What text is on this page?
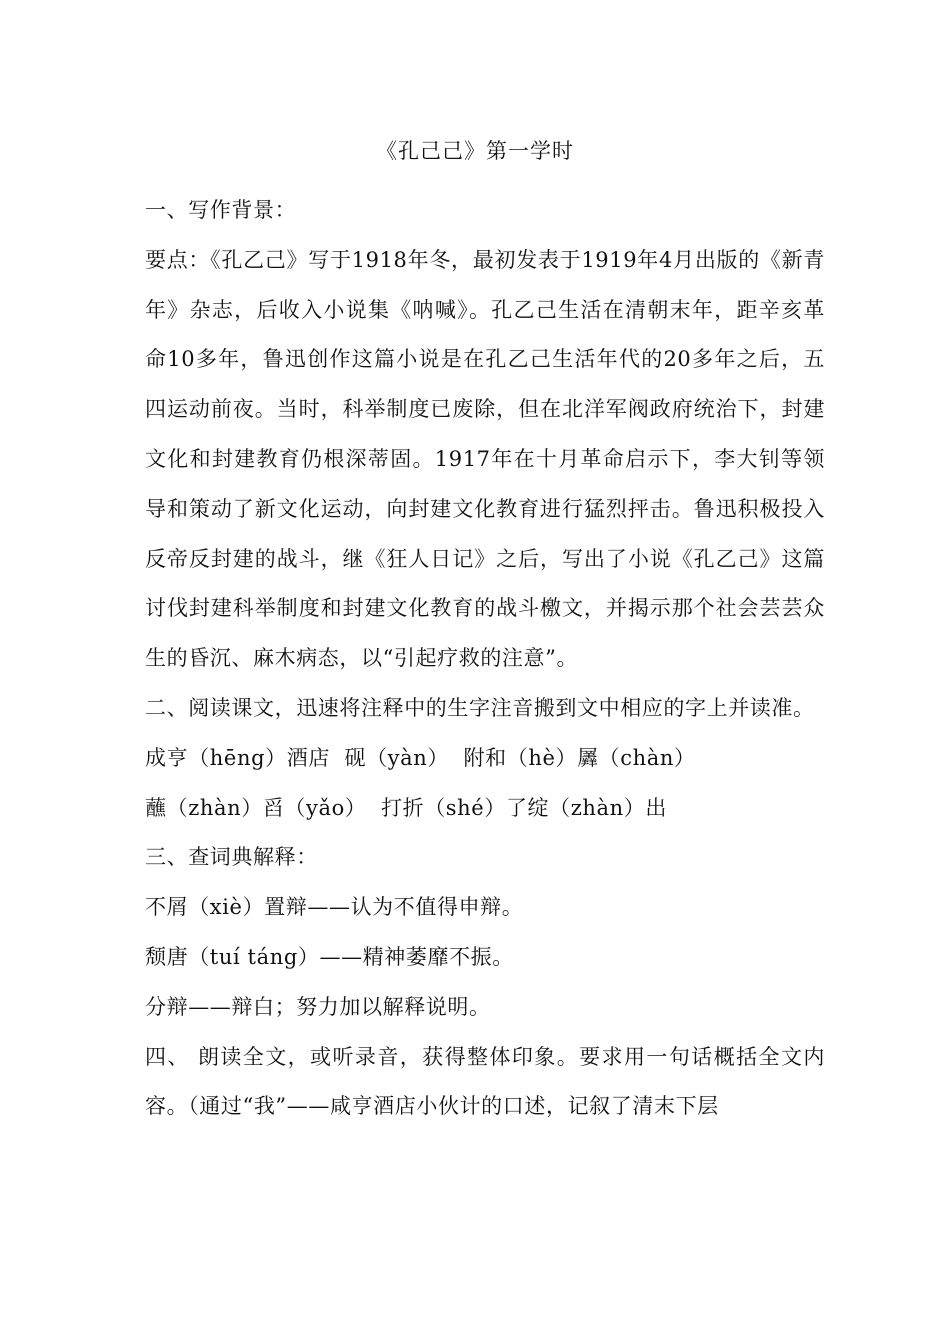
《孔己己》第一学时

一、写作背景：

要点：《孔乙己》写于1918年冬，最初发表于1919年4月出版的《新青年》杂志，后收入小说集《呐喊》。孔乙己生活在清朝末年，距辛亥革命10多年，鲁迅创作这篇小说是在孔乙己生活年代的20多年之后，五四运动前夜。当时，科举制度已废除，但在北洋军阀政府统治下，封建文化和封建教育仍根深蒂固。1917年在十月革命启示下，李大钊等领导和策动了新文化运动，向封建文化教育进行猛烈抨击。鲁迅积极投入反帝反封建的战斗，继《狂人日记》之后，写出了小说《孔乙己》这篇讨伐封建科举制度和封建文化教育的战斗檄文，并揭示那个社会芸芸众生的昏沉、麻木病态，以“引起疗救的注意”。

二、阅读课文，迅速将注释中的生字注音搬到文中相应的字上并读准。

成亨（hēng）酒店  砚（yàn）  附和（hè）羼（chàn）

蘸（zhàn）舀（yǎo）  打折（shé）了绽（zhàn）出

三、查词典解释：

不屑（xiè）置辩——认为不值得申辩。

颓唐（tuí táng）——精神萎靡不振。

分辩——辩白；努力加以解释说明。

四、 朗读全文，或听录音，获得整体印象。要求用一句话概括全文内容。（通过“我”——咸亨酒店小伙计的口述，记叙了清末下层
